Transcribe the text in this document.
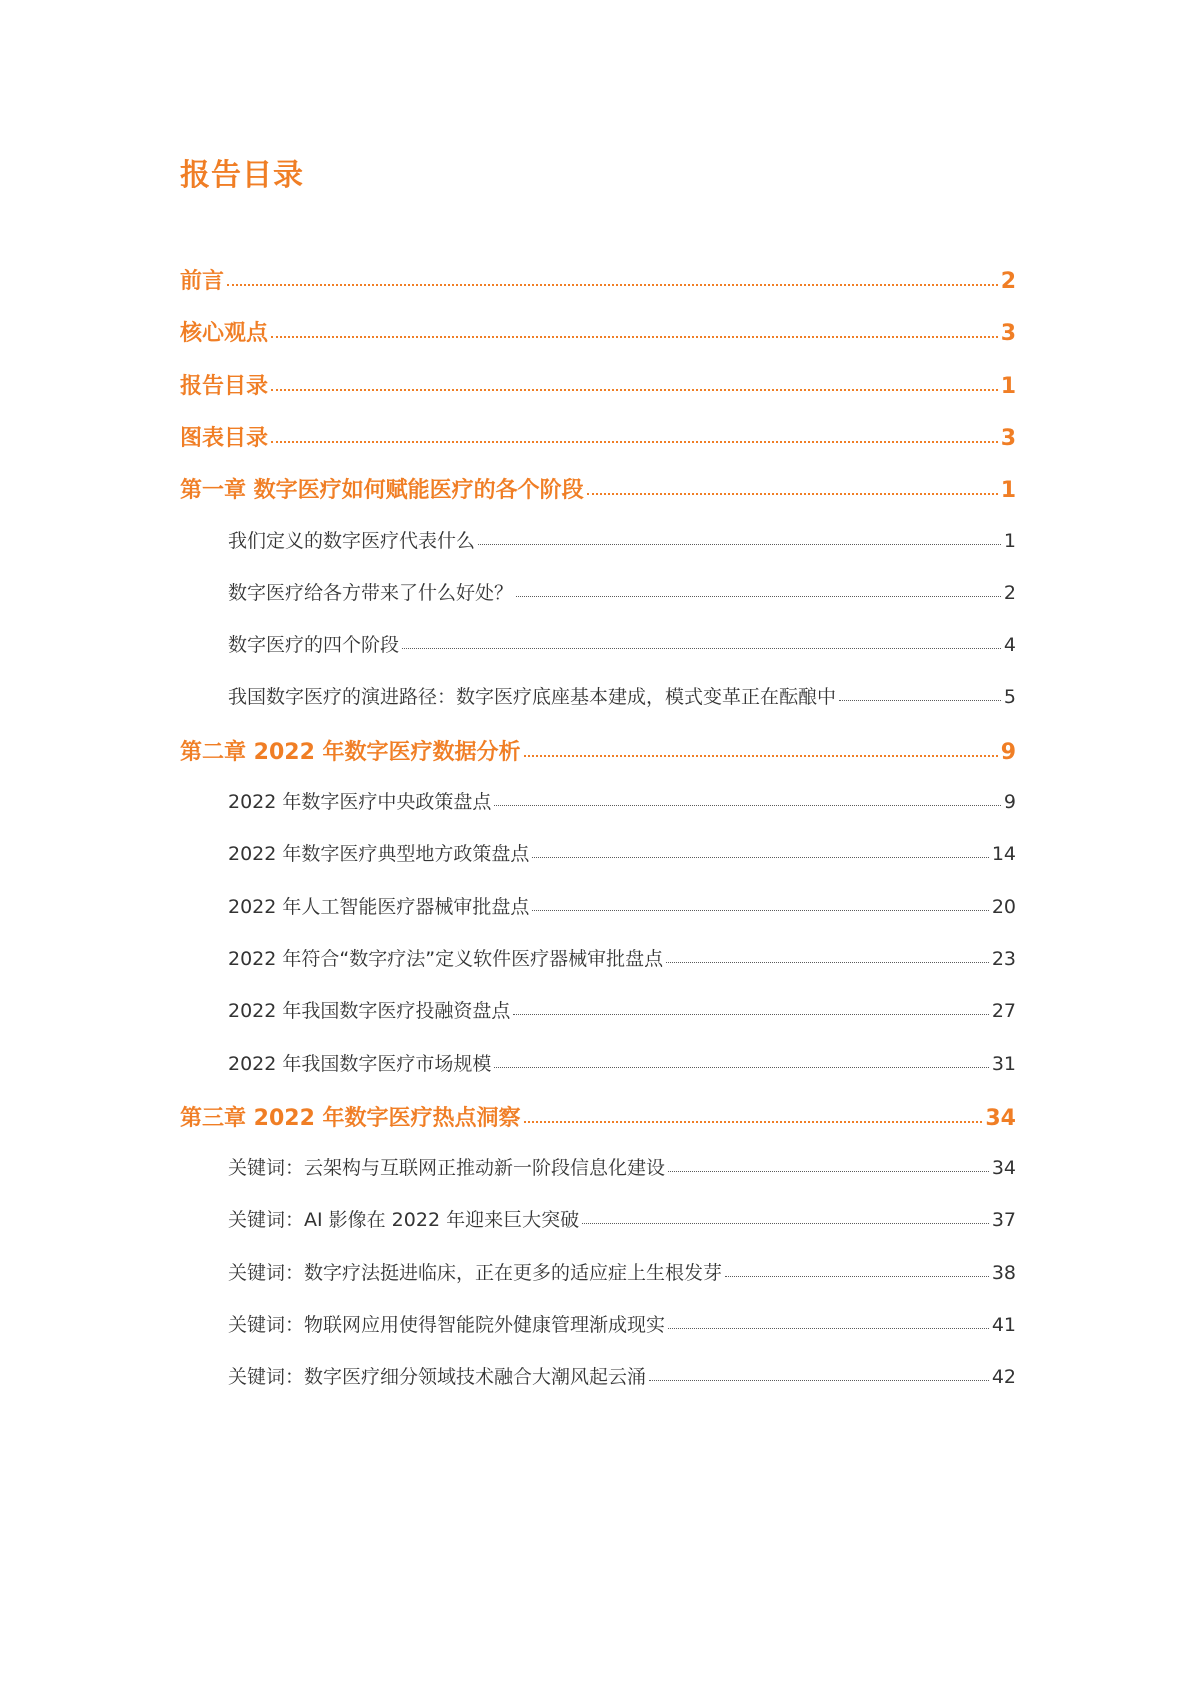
报告目录
前言	2
核心观点	3
报告目录	1
图表目录	3
第一章 数字医疗如何赋能医疗的各个阶段	1
我们定义的数字医疗代表什么	1
数字医疗给各方带来了什么好处？	2
数字医疗的四个阶段	4
我国数字医疗的演进路径：数字医疗底座基本建成，模式变革正在酝酿中	5
第二章 2022 年数字医疗数据分析	9
2022 年数字医疗中央政策盘点	9
2022 年数字医疗典型地方政策盘点	14
2022 年人工智能医疗器械审批盘点	20
2022 年符合“数字疗法”定义软件医疗器械审批盘点	23
2022 年我国数字医疗投融资盘点	27
2022 年我国数字医疗市场规模	31
第三章 2022 年数字医疗热点洞察	34
关键词：云架构与互联网正推动新一阶段信息化建设	34
关键词：AI 影像在 2022 年迎来巨大突破	37
关键词：数字疗法挺进临床，正在更多的适应症上生根发芽	38
关键词：物联网应用使得智能院外健康管理渐成现实	41
关键词：数字医疗细分领域技术融合大潮风起云涌	42
